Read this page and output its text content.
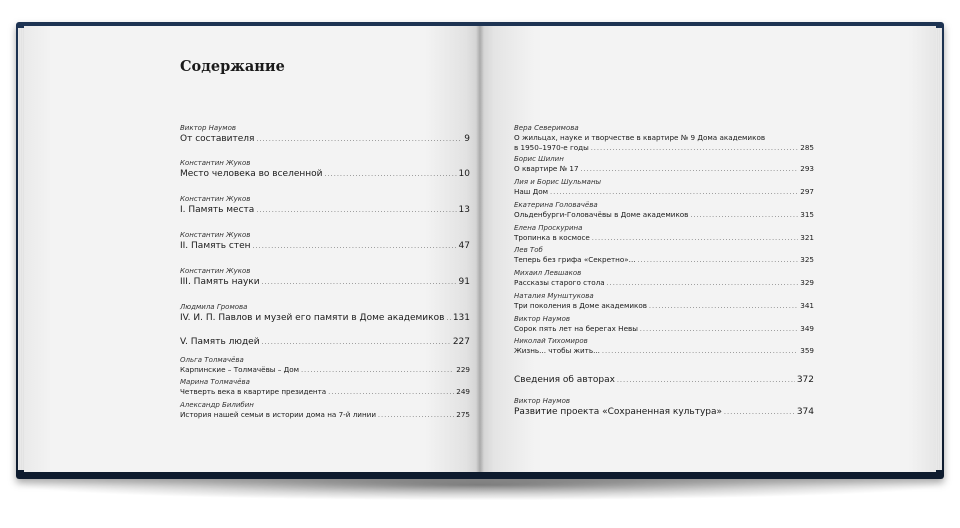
Содержание
Виктор Наумов
От составителя .....	9
Константин Жуков
Место человека во вселенной .....	10
Константин Жуков
I. Память места .....	13
Константин Жуков
II. Память стен .....	47
Константин Жуков
III. Память науки .....	91
Людмила Громова
IV. И. П. Павлов и музей его памяти в Доме академиков ..... 131
V. Память людей .....	227
Ольга Толмачёва
Карпинские – Толмачёвы – Дом .....	229
Марина Толмачёва
Четверть века в квартире президента .....	249
Александр Билибин
История нашей семьи в истории дома на 7-й линии .....	275
Вера Северимова
О жильцах, науке и творчестве в квартире № 9 Дома академиков
в 1950–1970-е годы .....	285
Борис Шилин
О квартире № 17 .....	293
Лия и Борис Шульманы
Наш Дом .....	297
Екатерина Головачёва
Ольденбурги-Головачёвы в Доме академиков .....	315
Елена Проскурина
Тропинка в космосе .....	321
Лев Тоб
Теперь без грифа «Секретно»... .....	325
Михаил Левшаков
Рассказы старого стола .....	329
Наталия Мунштукова
Три поколения в Доме академиков .....	341
Виктор Наумов
Сорок пять лет на берегах Невы .....	349
Николай Тихомиров
Жизнь... чтобы жить... .....	359
Сведения об авторах .....	372
Виктор Наумов
Развитие проекта «Сохраненная культура» .....	374
